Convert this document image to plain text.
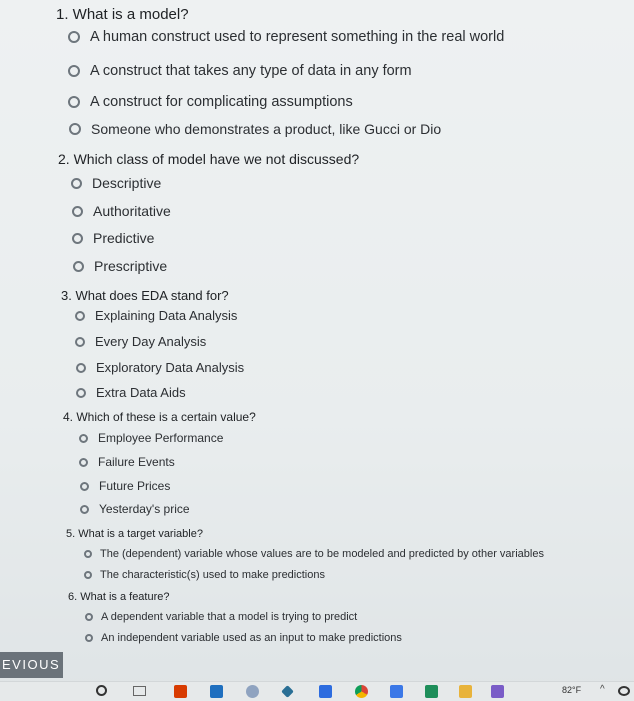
1. What is a model?
A human construct used to represent something in the real world
A construct that takes any type of data in any form
A construct for complicating assumptions
Someone who demonstrates a product, like Gucci or Dio
2. Which class of model have we not discussed?
Descriptive
Authoritative
Predictive
Prescriptive
3. What does EDA stand for?
Explaining Data Analysis
Every Day Analysis
Exploratory Data Analysis
Extra Data Aids
4. Which of these is a certain value?
Employee Performance
Failure Events
Future Prices
Yesterday's price
5. What is a target variable?
The (dependent) variable whose values are to be modeled and predicted by other variables
The characteristic(s) used to make predictions
6. What is a feature?
A dependent variable that a model is trying to predict
An independent variable used as an input to make predictions
EVIOUS
82°F ^
